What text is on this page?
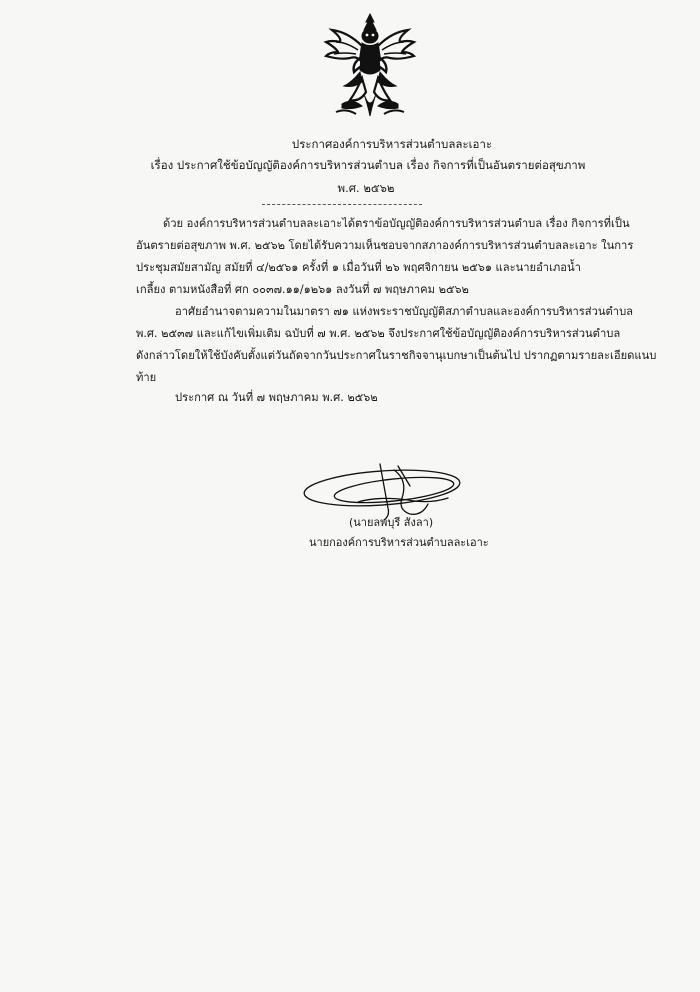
ประกาศองค์การบริหารส่วนตำบลละเอาะ
เรื่อง ประกาศใช้ข้อบัญญัติองค์การบริหารส่วนตำบล เรื่อง กิจการที่เป็นอันตรายต่อสุขภาพ
พ.ศ. ๒๕๖๒
ด้วย องค์การบริหารส่วนตำบลละเอาะได้ตราข้อบัญญัติองค์การบริหารส่วนตำบล เรื่อง กิจการที่เป็น
อันตรายต่อสุขภาพ พ.ศ. ๒๕๖๒ โดยได้รับความเห็นชอบจากสภาองค์การบริหารส่วนตำบลละเอาะ ในการ
ประชุมสมัยสามัญ สมัยที่ ๔/๒๕๖๑ ครั้งที่ ๑ เมื่อวันที่ ๒๖ พฤศจิกายน ๒๕๖๑ และนายอำเภอน้ำ
เกลี้ยง ตามหนังสือที่ ศก ๐๐๓๗.๑๑/๑๒๖๑ ลงวันที่ ๗ พฤษภาคม ๒๕๖๒
อาศัยอำนาจตามความในมาตรา ๗๑ แห่งพระราชบัญญัติสภาตำบลและองค์การบริหารส่วนตำบล
พ.ศ. ๒๕๓๗ และแก้ไขเพิ่มเติม ฉบับที่ ๗ พ.ศ. ๒๕๖๒ จึงประกาศใช้ข้อบัญญัติองค์การบริหารส่วนตำบล
ดังกล่าวโดยให้ใช้บังคับตั้งแต่วันถัดจากวันประกาศในราชกิจจานุเบกษาเป็นต้นไป ปรากฏตามรายละเอียดแนบ
ท้าย
ประกาศ ณ วันที่ ๗ พฤษภาคม พ.ศ. ๒๕๖๒
(นายลพบุรี สังลา)
นายกองค์การบริหารส่วนตำบลละเอาะ
